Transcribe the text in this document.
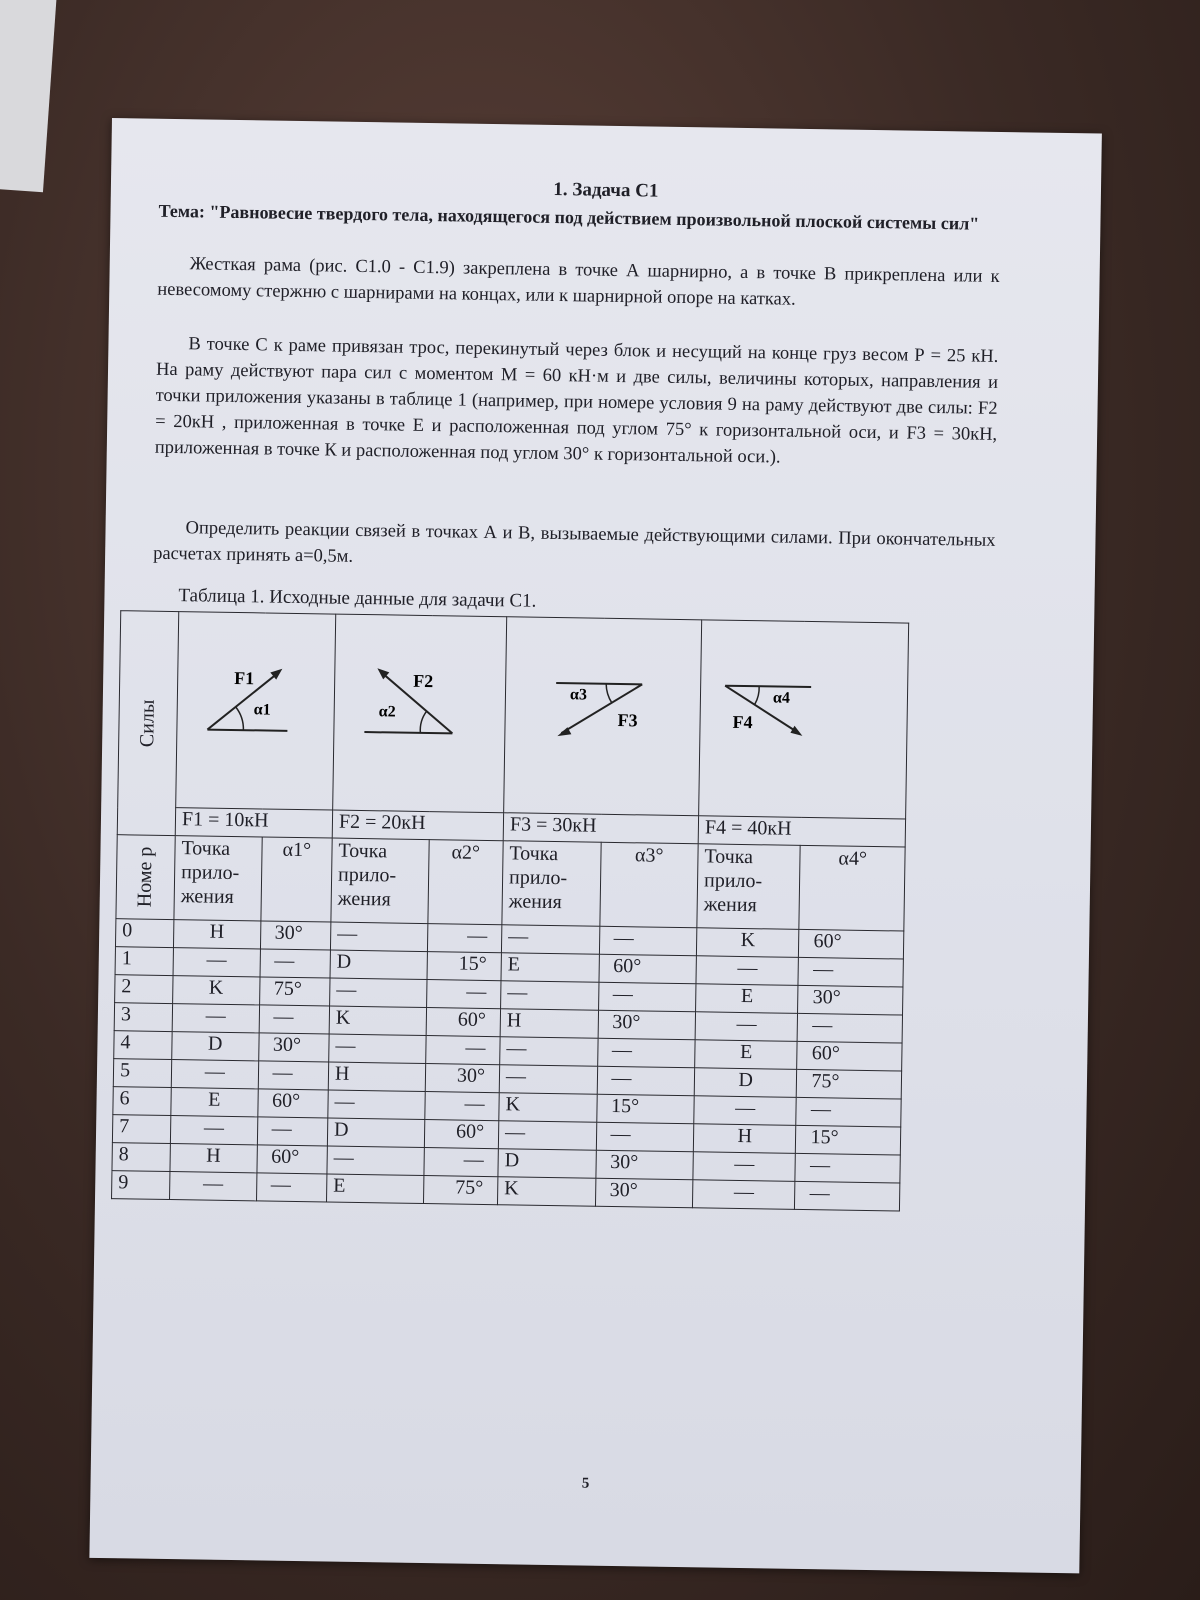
1. Задача С1
Тема: "Равновесие твердого тела, находящегося под действием произвольной плоской системы сил"
Жесткая рама (рис. С1.0 - С1.9) закреплена в точке А шарнирно, а в точке В прикреплена или к невесомому стержню с шарнирами на концах, или к шарнирной опоре на катках.
В точке С к раме привязан трос, перекинутый через блок и несущий на конце груз весом Р = 25 кН. На раму действуют пара сил с моментом М = 60 кН·м и две силы, величины которых, направления и точки приложения указаны в таблице 1 (например, при номере условия 9 на раму действуют две силы: F2 = 20кН , приложенная в точке Е и расположенная под углом 75° к горизонтальной оси, и F3 = 30кН, приложенная в точке К и расположенная под углом 30° к горизонтальной оси.).
Определить реакции связей в точках А и В, вызываемые действующими силами. При окончательных расчетах принять а=0,5м.
Таблица 1. Исходные данные для задачи С1.
Силы	F1
α1		F2
α2		α3
F3		α4
F4	

	F1 = 10кН		F2 = 20кН		F3 = 30кН		F4 = 40кН	

Номе р	Точка прило- жения	α1°	Точка прило- жения	α2°	Точка прило- жения	α3°	Точка прило- жения	α4°
0	H	30°	—	—	—	—	K	60°
1	—	—	D	15°	E	60°	—	—
2	K	75°	—	—	—	—	E	30°
3	—	—	K	60°	H	30°	—	—
4	D	30°	—	—	—	—	E	60°
5	—	—	H	30°	—	—	D	75°
6	E	60°	—	—	K	15°	—	—
7	—	—	D	60°	—	—	H	15°
8	H	60°	—	—	D	30°	—	—
9	—	—	E	75°	K	30°	—	—
5
